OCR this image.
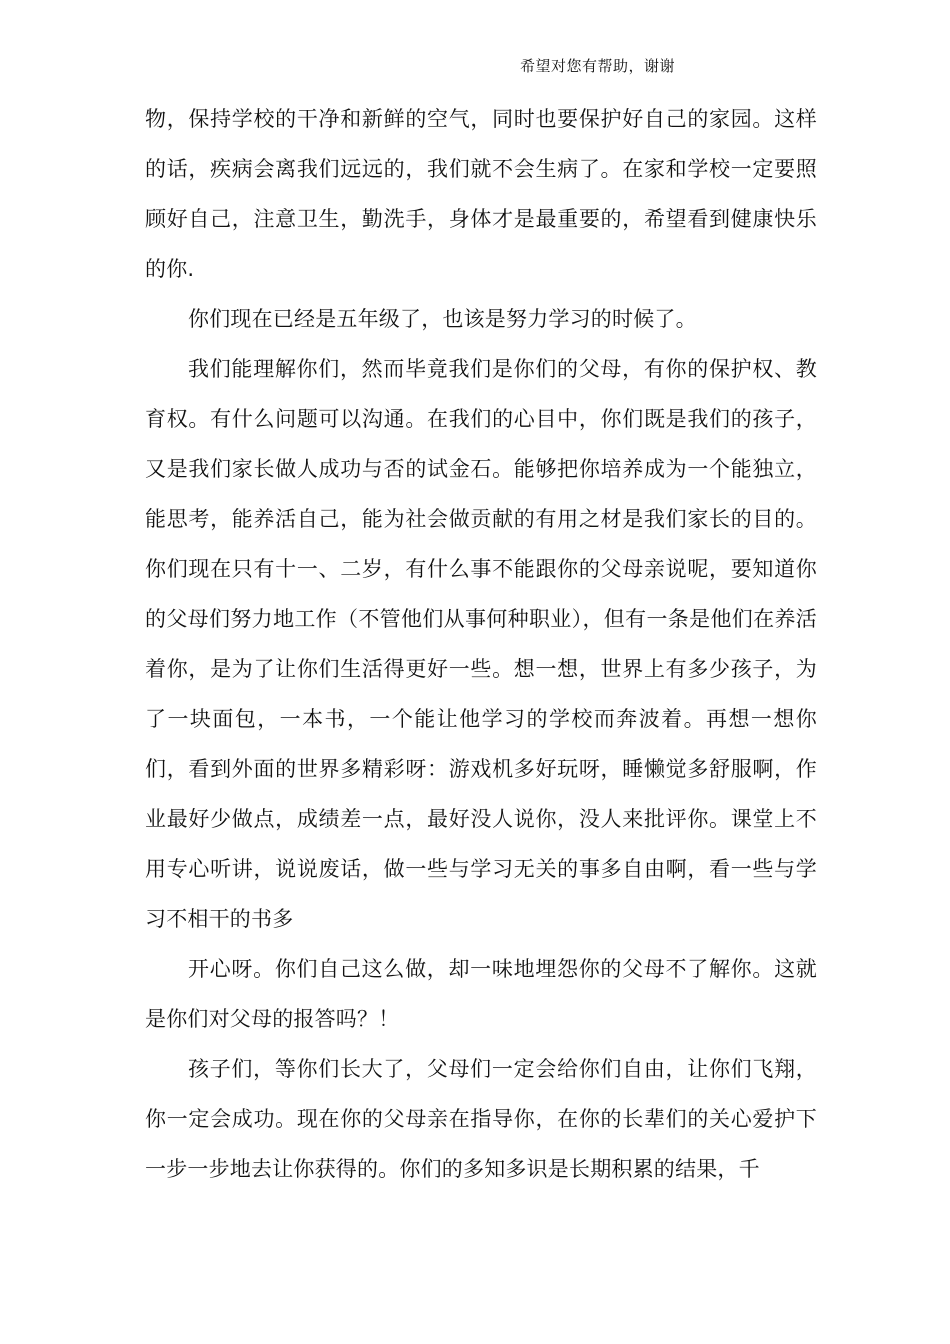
希望对您有帮助，谢谢

物，保持学校的干净和新鲜的空气，同时也要保护好自己的家园。这样的话，疾病会离我们远远的，我们就不会生病了。在家和学校一定要照顾好自己，注意卫生，勤洗手，身体才是最重要的，希望看到健康快乐的你.

你们现在已经是五年级了，也该是努力学习的时候了。

我们能理解你们，然而毕竟我们是你们的父母，有你的保护权、教育权。有什么问题可以沟通。在我们的心目中，你们既是我们的孩子，又是我们家长做人成功与否的试金石。能够把你培养成为一个能独立，能思考，能养活自己，能为社会做贡献的有用之材是我们家长的目的。你们现在只有十一、二岁，有什么事不能跟你的父母亲说呢，要知道你的父母们努力地工作（不管他们从事何种职业），但有一条是他们在养活着你，是为了让你们生活得更好一些。想一想，世界上有多少孩子，为了一块面包，一本书，一个能让他学习的学校而奔波着。再想一想你们，看到外面的世界多精彩呀：游戏机多好玩呀，睡懒觉多舒服啊，作业最好少做点，成绩差一点，最好没人说你，没人来批评你。课堂上不用专心听讲，说说废话，做一些与学习无关的事多自由啊，看一些与学习不相干的书多

开心呀。你们自己这么做，却一味地埋怨你的父母不了解你。这就是你们对父母的报答吗？！

孩子们，等你们长大了，父母们一定会给你们自由，让你们飞翔，你一定会成功。现在你的父母亲在指导你，在你的长辈们的关心爱护下一步一步地去让你获得的。你们的多知多识是长期积累的结果，千
